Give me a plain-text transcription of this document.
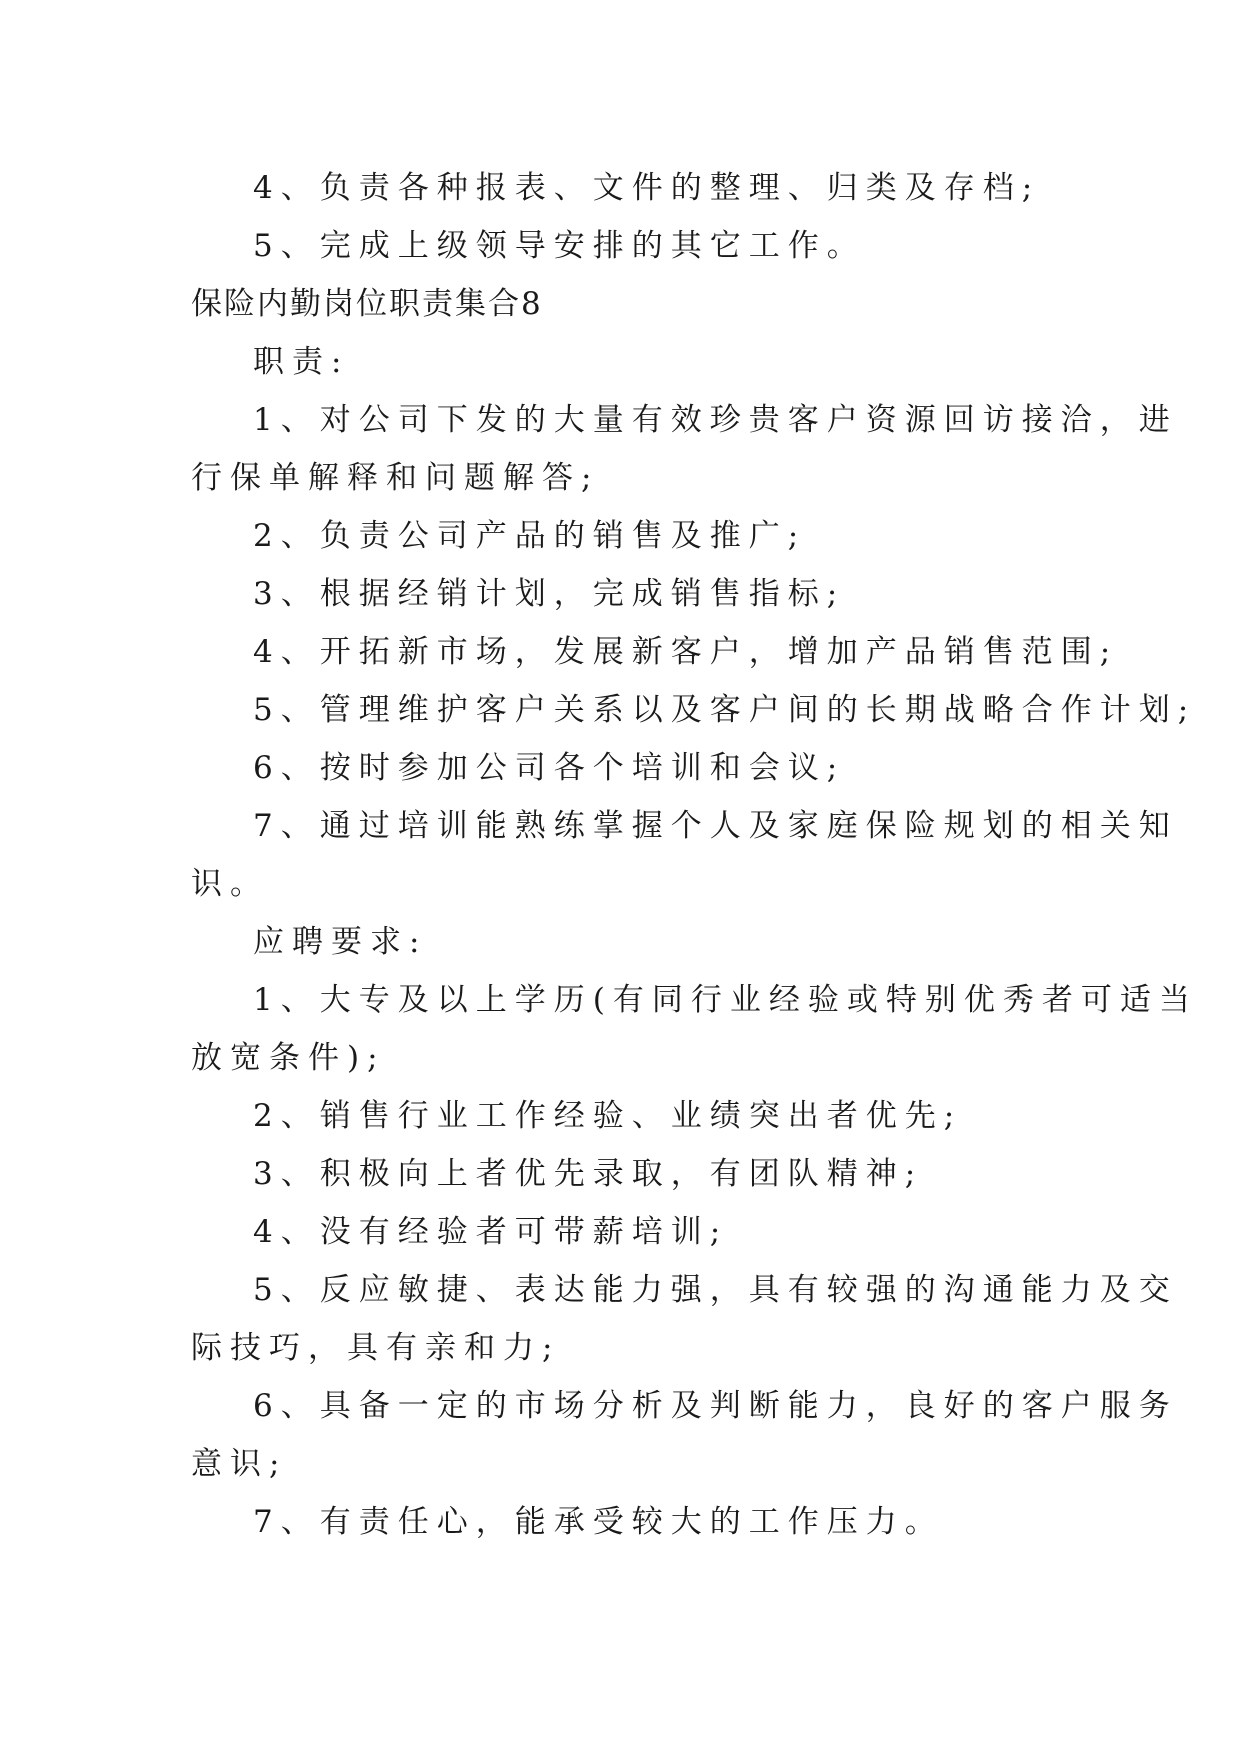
4、负责各种报表、文件的整理、归类及存档;
5、完成上级领导安排的其它工作。
保险内勤岗位职责集合8
职责:
1、对公司下发的大量有效珍贵客户资源回访接洽，进
行保单解释和问题解答;
2、负责公司产品的销售及推广;
3、根据经销计划，完成销售指标;
4、开拓新市场，发展新客户，增加产品销售范围;
5、管理维护客户关系以及客户间的长期战略合作计划;
6、按时参加公司各个培训和会议;
7、通过培训能熟练掌握个人及家庭保险规划的相关知
识。
应聘要求:
1、大专及以上学历(有同行业经验或特别优秀者可适当
放宽条件);
2、销售行业工作经验、业绩突出者优先;
3、积极向上者优先录取，有团队精神;
4、没有经验者可带薪培训;
5、反应敏捷、表达能力强，具有较强的沟通能力及交
际技巧，具有亲和力;
6、具备一定的市场分析及判断能力，良好的客户服务
意识;
7、有责任心，能承受较大的工作压力。
